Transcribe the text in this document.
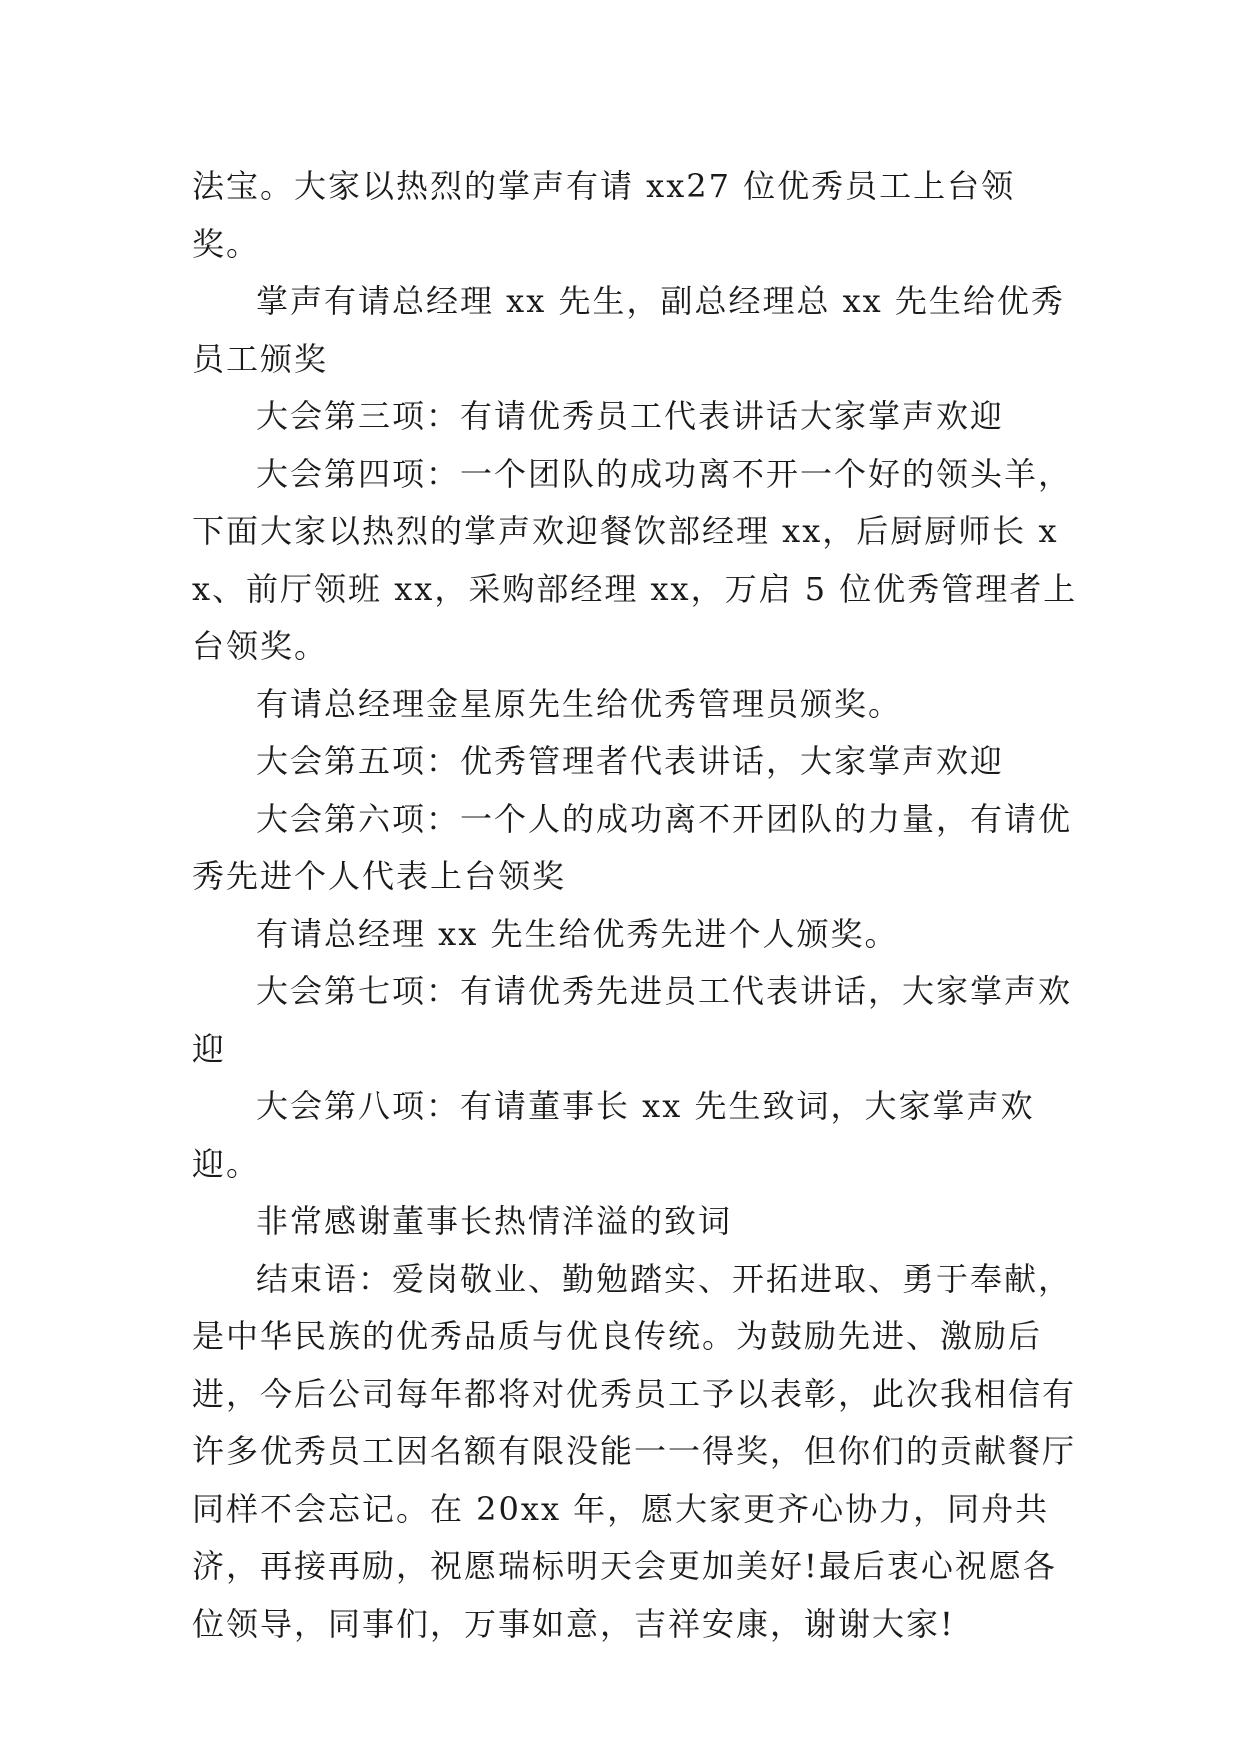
法宝。大家以热烈的掌声有请 xx27 位优秀员工上台领奖。

掌声有请总经理 xx 先生，副总经理总 xx 先生给优秀员工颁奖

大会第三项：有请优秀员工代表讲话大家掌声欢迎

大会第四项：一个团队的成功离不开一个好的领头羊，下面大家以热烈的掌声欢迎餐饮部经理 xx，后厨厨师长 xx、前厅领班 xx，采购部经理 xx，万启 5 位优秀管理者上台领奖。

有请总经理金星原先生给优秀管理员颁奖。

大会第五项：优秀管理者代表讲话，大家掌声欢迎

大会第六项：一个人的成功离不开团队的力量，有请优秀先进个人代表上台领奖

有请总经理 xx 先生给优秀先进个人颁奖。

大会第七项：有请优秀先进员工代表讲话，大家掌声欢迎

大会第八项：有请董事长 xx 先生致词，大家掌声欢迎。

非常感谢董事长热情洋溢的致词

结束语：爱岗敬业、勤勉踏实、开拓进取、勇于奉献，是中华民族的优秀品质与优良传统。为鼓励先进、激励后进，今后公司每年都将对优秀员工予以表彰，此次我相信有许多优秀员工因名额有限没能一一得奖，但你们的贡献餐厅同样不会忘记。在 20xx 年，愿大家更齐心协力，同舟共济，再接再励，祝愿瑞标明天会更加美好!最后衷心祝愿各位领导，同事们，万事如意，吉祥安康，谢谢大家!
